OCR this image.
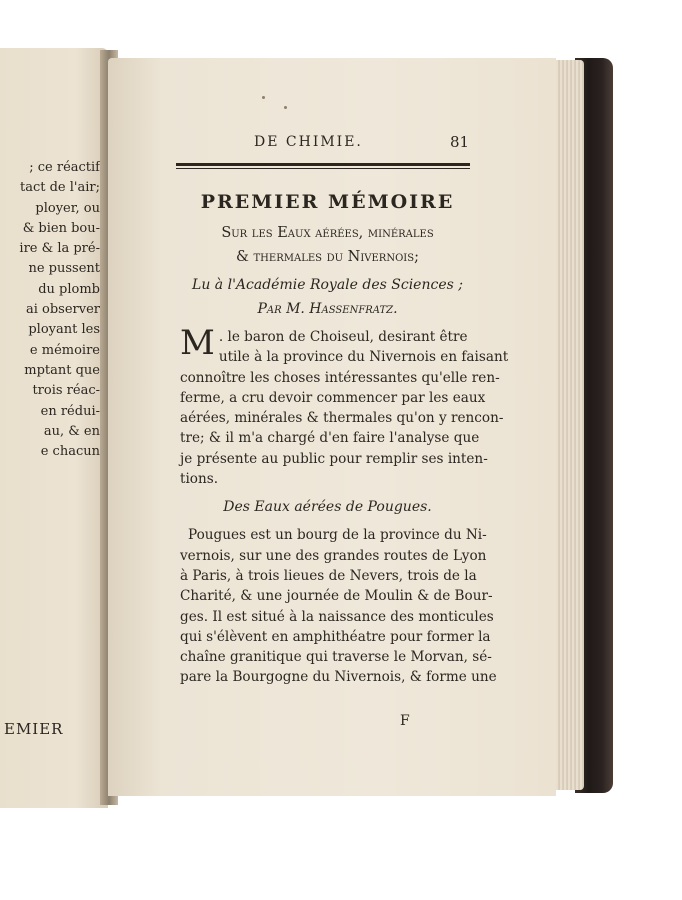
; ce réactif
tact de l'air;
ployer, ou
& bien bou-
ire & la pré-
ne pussent
du plomb
ai observer
ployant les
e mémoire
mptant que
trois réac-
en rédui-
au, & en
e chacun
EMIER
DE CHIMIE.	81
PREMIER MÉMOIRE
Sur les Eaux aérées, minérales
& thermales du Nivernois;
Lu à l'Académie Royale des Sciences ;
Par M. Hassenfratz.
M . le baron de Choiseul, desirant être
utile à la province du Nivernois en faisant
connoître les choses intéressantes qu'elle ren-
ferme, a cru devoir commencer par les eaux
aérées, minérales & thermales qu'on y rencon-
tre; & il m'a chargé d'en faire l'analyse que
je présente au public pour remplir ses inten-
tions.
Des Eaux aérées de Pougues.
Pougues est un bourg de la province du Ni-
vernois, sur une des grandes routes de Lyon
à Paris, à trois lieues de Nevers, trois de la
Charité, & une journée de Moulin & de Bour-
ges. Il est situé à la naissance des monticules
qui s'élèvent en amphithéatre pour former la
chaîne granitique qui traverse le Morvan, sé-
pare la Bourgogne du Nivernois, & forme une
F
